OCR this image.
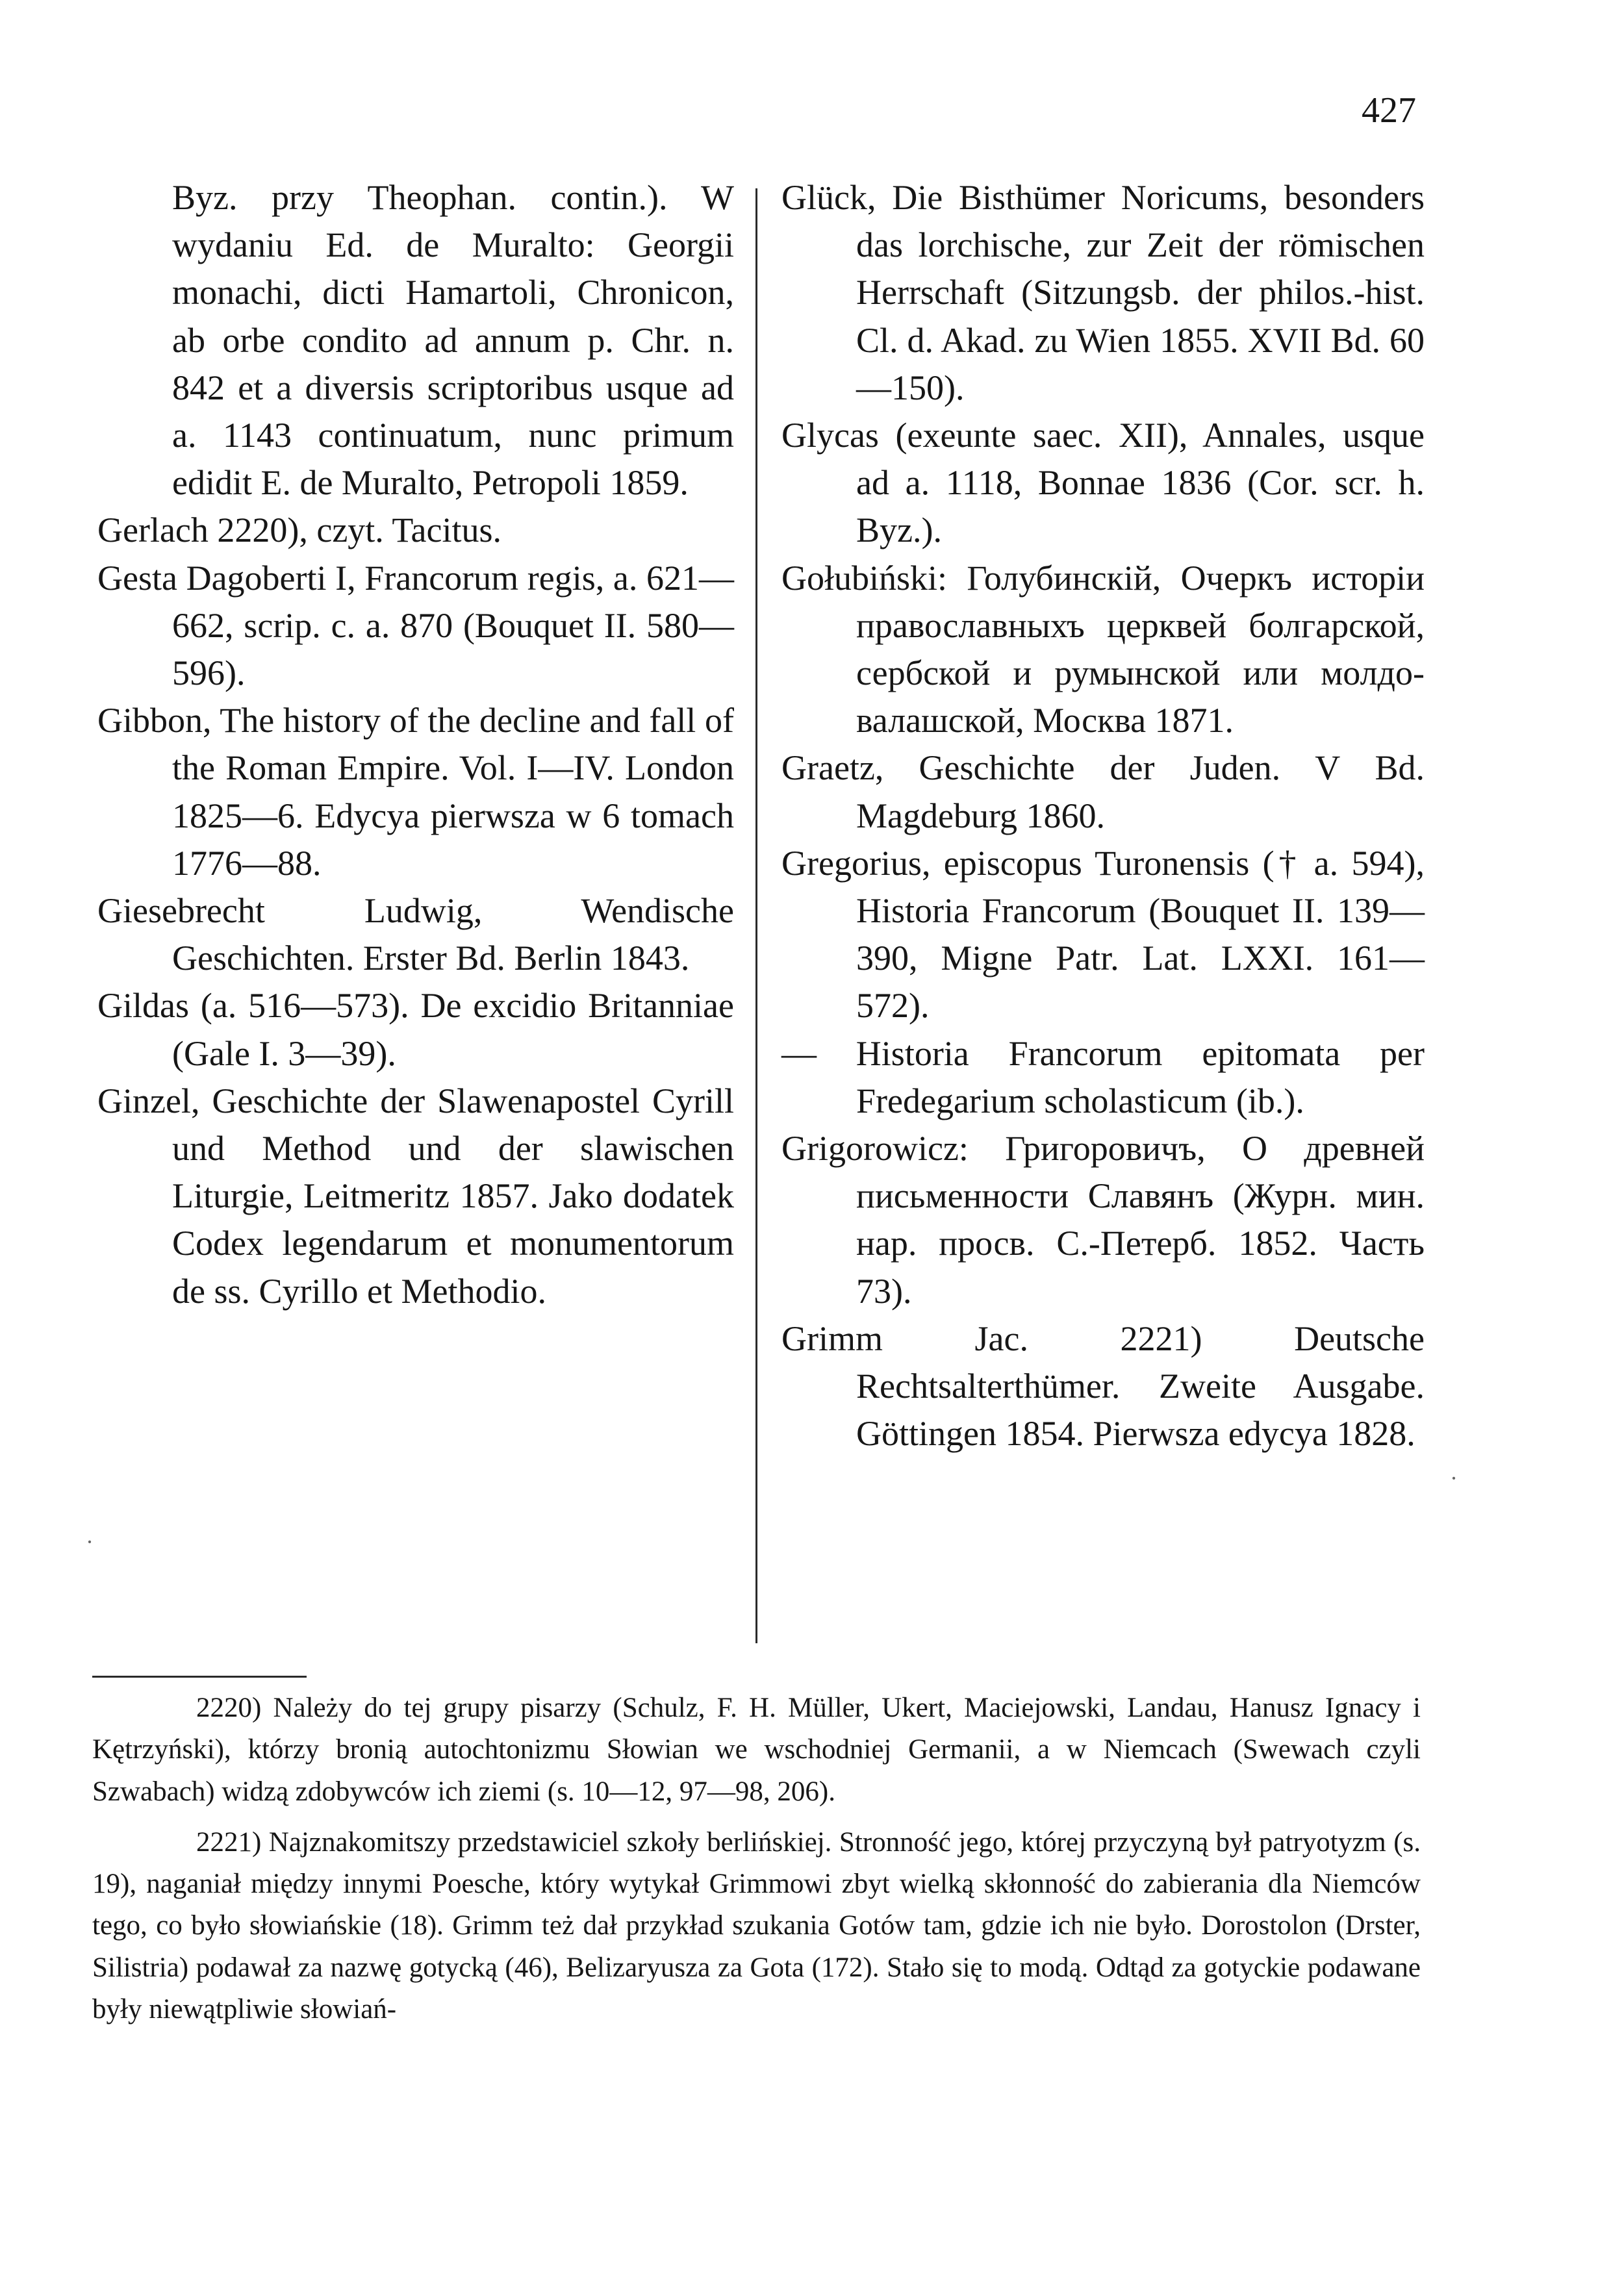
427

Byz. przy Theophan. contin.). W wydaniu Ed. de Muralto: Georgii monachi, dicti Hamartoli, Chronicon, ab orbe condito ad annum p. Chr. n. 842 et a diversis scriptoribus usque ad a. 1143 continuatum, nunc primum edidit E. de Muralto, Petropoli 1859.

Gerlach 2220), czyt. Tacitus.

Gesta Dagoberti I, Francorum regis, a. 621—662, scrip. c. a. 870 (Bouquet II. 580—596).

Gibbon, The history of the decline and fall of the Roman Empire. Vol. I—IV. London 1825—6. Edycya pierwsza w 6 tomach 1776—88.

Giesebrecht Ludwig, Wendische Geschichten. Erster Bd. Berlin 1843.

Gildas (a. 516—573). De excidio Britanniae (Gale I. 3—39).

Ginzel, Geschichte der Slawenapostel Cyrill und Method und der slawischen Liturgie, Leitmeritz 1857. Jako dodatek Codex legendarum et monumentorum de ss. Cyrillo et Methodio.

Glück, Die Bisthümer Noricums, besonders das lorchische, zur Zeit der römischen Herrschaft (Sitzungsb. der philos.-hist. Cl. d. Akad. zu Wien 1855. XVII Bd. 60—150).

Glycas (exeunte saec. XII), Annales, usque ad a. 1118, Bonnae 1836 (Cor. scr. h. Byz.).

Gołubiński: Голубинскій, Очеркъ исторіи православныхъ церквей болгарской, сербской и румынской или молдо-валашской, Москва 1871.

Graetz, Geschichte der Juden. V Bd. Magdeburg 1860.

Gregorius, episcopus Turonensis († a. 594), Historia Francorum (Bouquet II. 139—390, Migne Patr. Lat. LXXI. 161—572).

— Historia Francorum epitomata per Fredegarium scholasticum (ib.).

Grigorowicz: Григоровичъ, О древней письменности Славянъ (Журн. мин. нар. просв. С.-Петерб. 1852. Часть 73).

Grimm Jac. 2221) Deutsche Rechtsalterthümer. Zweite Ausgabe. Göttingen 1854. Pierwsza edycya 1828.

·
·

2220) Należy do tej grupy pisarzy (Schulz, F. H. Müller, Ukert, Maciejowski, Landau, Hanusz Ignacy i Kętrzyński), którzy bronią autochtonizmu Słowian we wschodniej Germanii, a w Niemcach (Swewach czyli Szwabach) widzą zdobywców ich ziemi (s. 10—12, 97—98, 206).

2221) Najznakomitszy przedstawiciel szkoły berlińskiej. Stronność jego, której przyczyną był patryotyzm (s. 19), naganiał między innymi Poesche, który wytykał Grimmowi zbyt wielką skłonność do zabierania dla Niemców tego, co było słowiańskie (18). Grimm też dał przykład szukania Gotów tam, gdzie ich nie było. Dorostolon (Drster, Silistria) podawał za nazwę gotycką (46), Belizaryusza za Gota (172). Stało się to modą. Odtąd za gotyckie podawane były niewątpliwie słowiań-
